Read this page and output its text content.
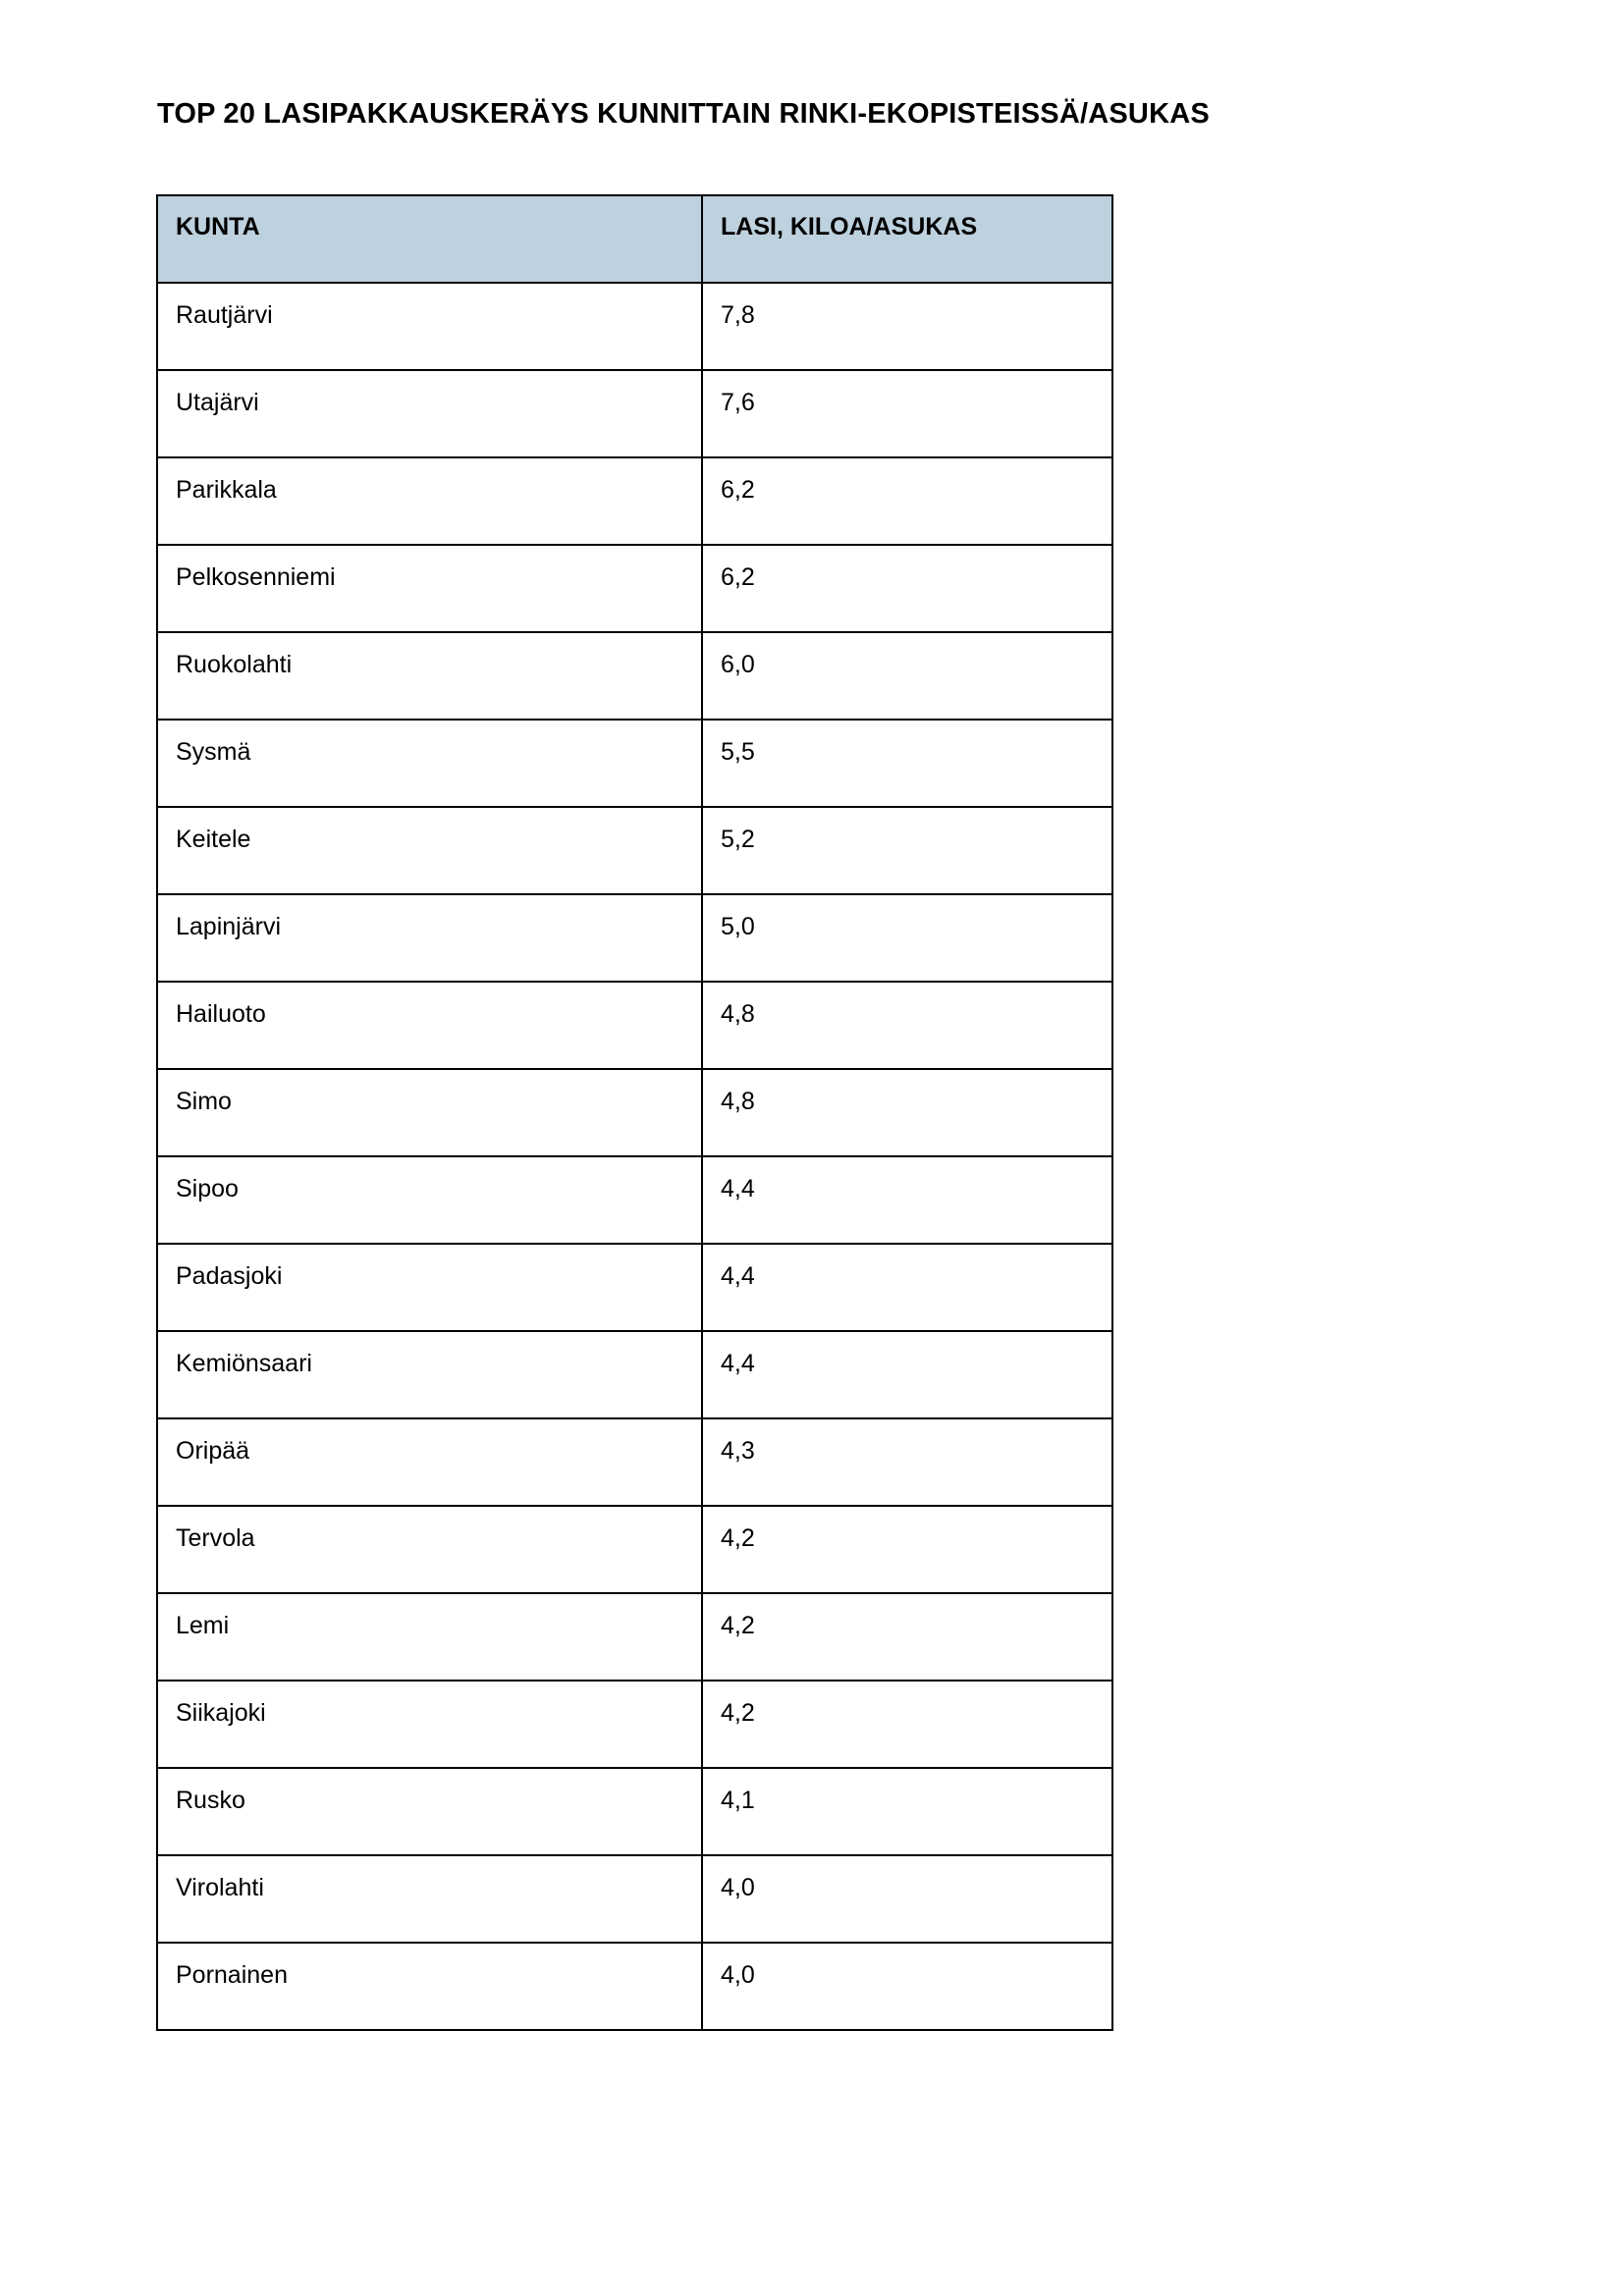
TOP 20 LASIPAKKAUSKERÄYS KUNNITTAIN RINKI-EKOPISTEISSÄ/ASUKAS
KUNTA	LASI, KILOA/ASUKAS
Rautjärvi	7,8
Utajärvi	7,6
Parikkala	6,2
Pelkosenniemi	6,2
Ruokolahti	6,0
Sysmä	5,5
Keitele	5,2
Lapinjärvi	5,0
Hailuoto	4,8
Simo	4,8
Sipoo	4,4
Padasjoki	4,4
Kemiönsaari	4,4
Oripää	4,3
Tervola	4,2
Lemi	4,2
Siikajoki	4,2
Rusko	4,1
Virolahti	4,0
Pornainen	4,0
